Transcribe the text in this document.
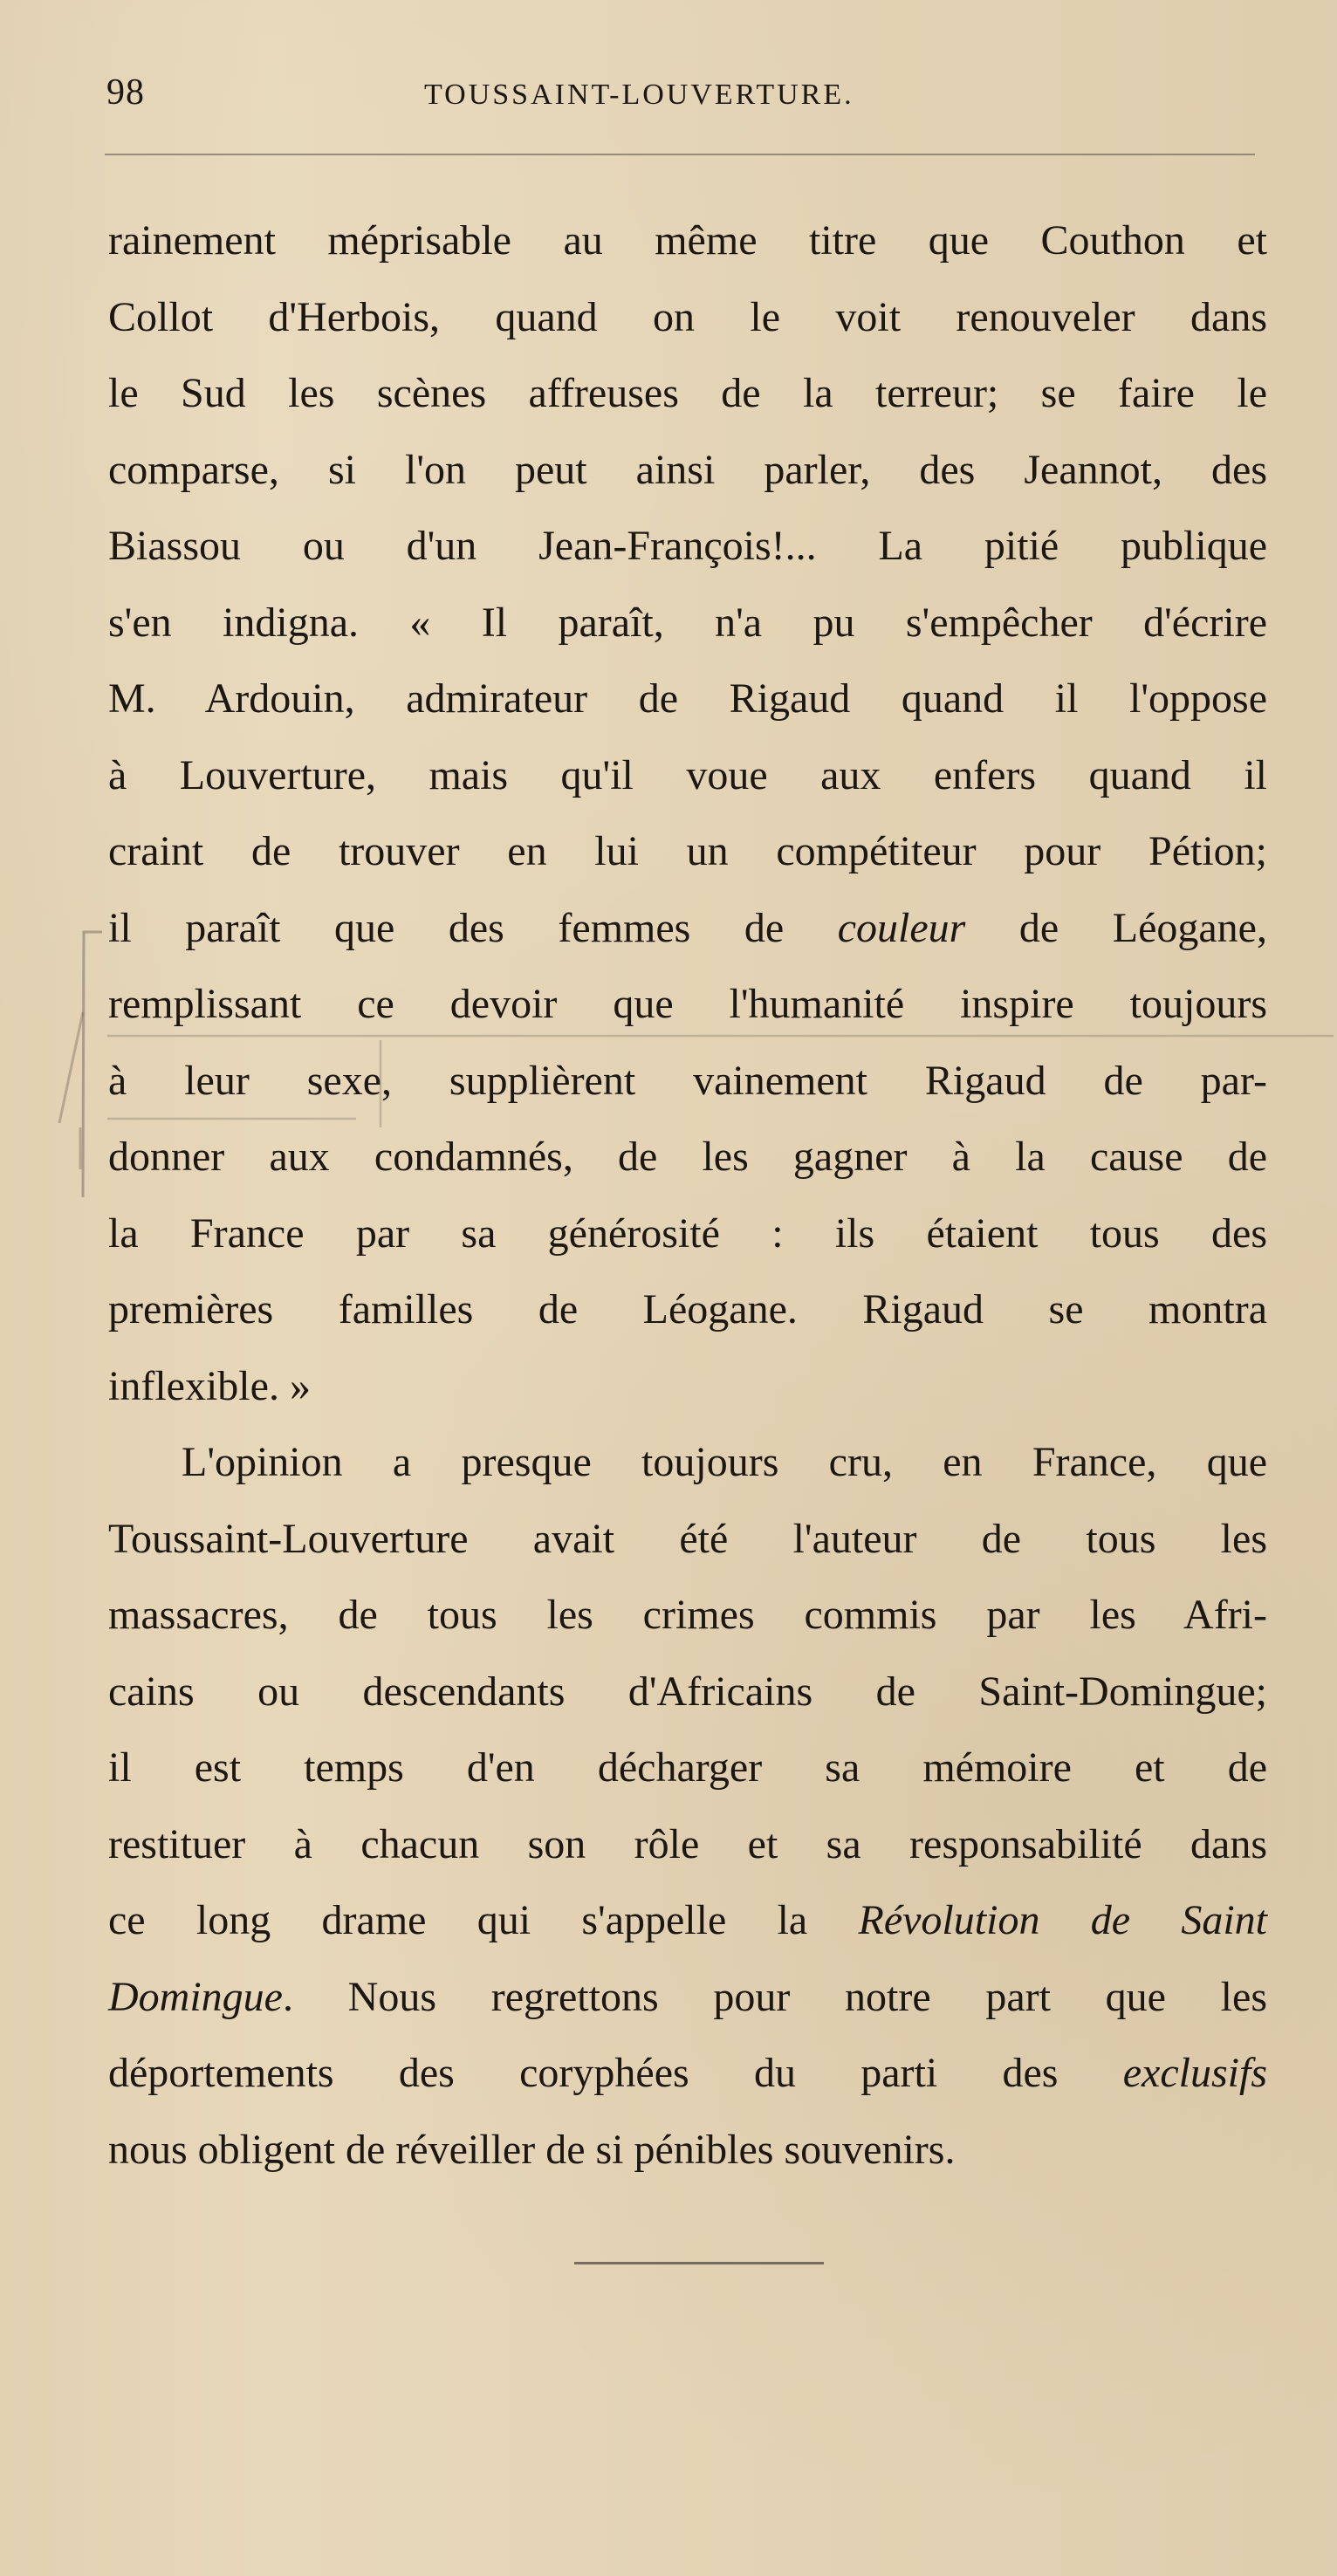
98	TOUSSAINT-LOUVERTURE.
rainement méprisable au même titre que Couthon et
Collot d'Herbois, quand on le voit renouveler dans
le Sud les scènes affreuses de la terreur; se faire le
comparse, si l'on peut ainsi parler, des Jeannot, des
Biassou ou d'un Jean-François!... La pitié publique
s'en indigna. « Il paraît, n'a pu s'empêcher d'écrire
M. Ardouin, admirateur de Rigaud quand il l'oppose
à Louverture, mais qu'il voue aux enfers quand il
craint de trouver en lui un compétiteur pour Pétion;
il paraît que des femmes de couleur de Léogane,
remplissant ce devoir que l'humanité inspire toujours
à leur sexe, supplièrent vainement Rigaud de par-
donner aux condamnés, de les gagner à la cause de
la France par sa générosité : ils étaient tous des
premières familles de Léogane. Rigaud se montra
inflexible. »
L'opinion a presque toujours cru, en France, que
Toussaint-Louverture avait été l'auteur de tous les
massacres, de tous les crimes commis par les Afri-
cains ou descendants d'Africains de Saint-Domingue;
il est temps d'en décharger sa mémoire et de
restituer à chacun son rôle et sa responsabilité dans
ce long drame qui s'appelle la Révolution de Saint
Domingue. Nous regrettons pour notre part que les
déportements des coryphées du parti des exclusifs
nous obligent de réveiller de si pénibles souvenirs.
